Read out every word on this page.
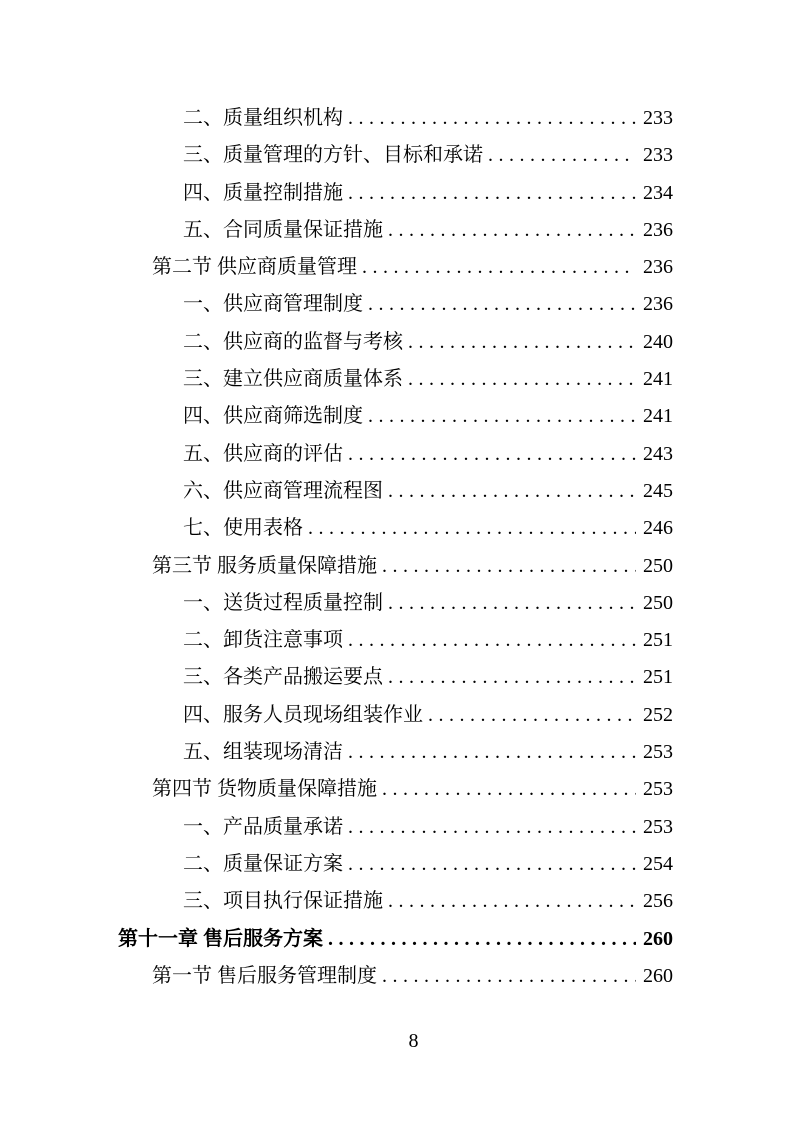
二、质量组织机构 .....	233
三、质量管理的方针、目标和承诺 .....	233
四、质量控制措施 .....	234
五、合同质量保证措施 .....	236
第二节 供应商质量管理 .....	236
一、供应商管理制度 .....	236
二、供应商的监督与考核 .....	240
三、建立供应商质量体系 .....	241
四、供应商筛选制度 .....	241
五、供应商的评估 .....	243
六、供应商管理流程图 .....	245
七、使用表格 .....	246
第三节 服务质量保障措施 .....	250
一、送货过程质量控制 .....	250
二、卸货注意事项 .....	251
三、各类产品搬运要点 .....	251
四、服务人员现场组装作业 .....	252
五、组装现场清洁 .....	253
第四节 货物质量保障措施 .....	253
一、产品质量承诺 .....	253
二、质量保证方案 .....	254
三、项目执行保证措施 .....	256
第十一章 售后服务方案 .....	260
第一节 售后服务管理制度 .....	260
8
